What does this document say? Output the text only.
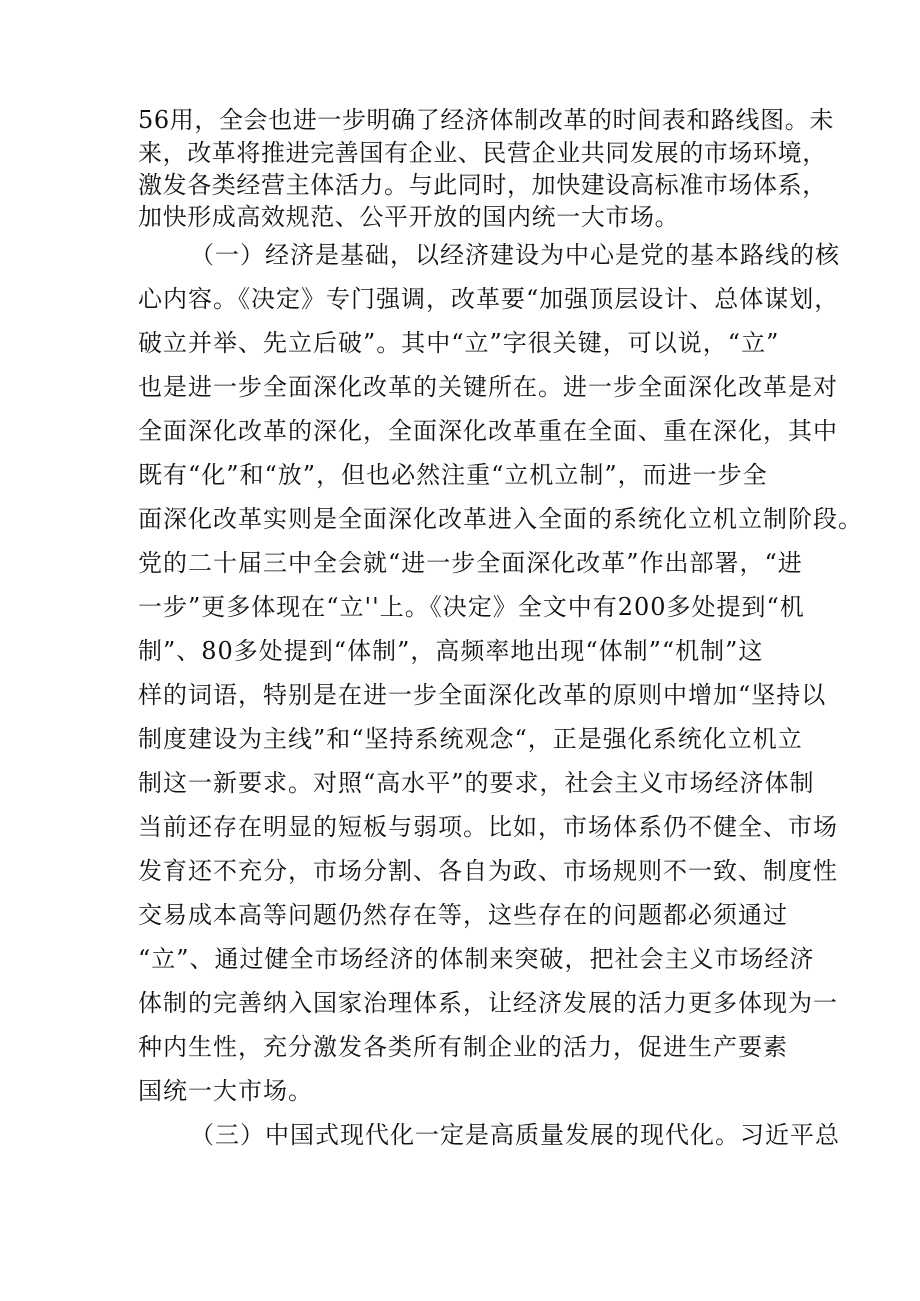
56用，全会也进一步明确了经济体制改革的时间表和路线图。未
来，改革将推进完善国有企业、民营企业共同发展的市场环境，
激发各类经营主体活力。与此同时，加快建设高标准市场体系，
加快形成高效规范、公平开放的国内统一大市场。
（一）经济是基础，以经济建设为中心是党的基本路线的核
心内容。《决定》专门强调，改革要“加强顶层设计、总体谋划，
破立并举、先立后破”。其中“立”字很关键，可以说，“立”
也是进一步全面深化改革的关键所在。进一步全面深化改革是对
全面深化改革的深化，全面深化改革重在全面、重在深化，其中
既有“化”和“放”，但也必然注重“立机立制”，而进一步全
面深化改革实则是全面深化改革进入全面的系统化立机立制阶段。
党的二十届三中全会就“进一步全面深化改革”作出部署，“进
一步”更多体现在“立''上。《决定》全文中有200多处提到“机
制”、80多处提到“体制”，高频率地出现“体制”“机制”这
样的词语，特别是在进一步全面深化改革的原则中增加“坚持以
制度建设为主线”和“坚持系统观念“，正是强化系统化立机立
制这一新要求。对照“高水平”的要求，社会主义市场经济体制
当前还存在明显的短板与弱项。比如，市场体系仍不健全、市场
发育还不充分，市场分割、各自为政、市场规则不一致、制度性
交易成本高等问题仍然存在等，这些存在的问题都必须通过
“立”、通过健全市场经济的体制来突破，把社会主义市场经济
体制的完善纳入国家治理体系，让经济发展的活力更多体现为一
种内生性，充分激发各类所有制企业的活力，促进生产要素
国统一大市场。
（三）中国式现代化一定是高质量发展的现代化。习近平总
